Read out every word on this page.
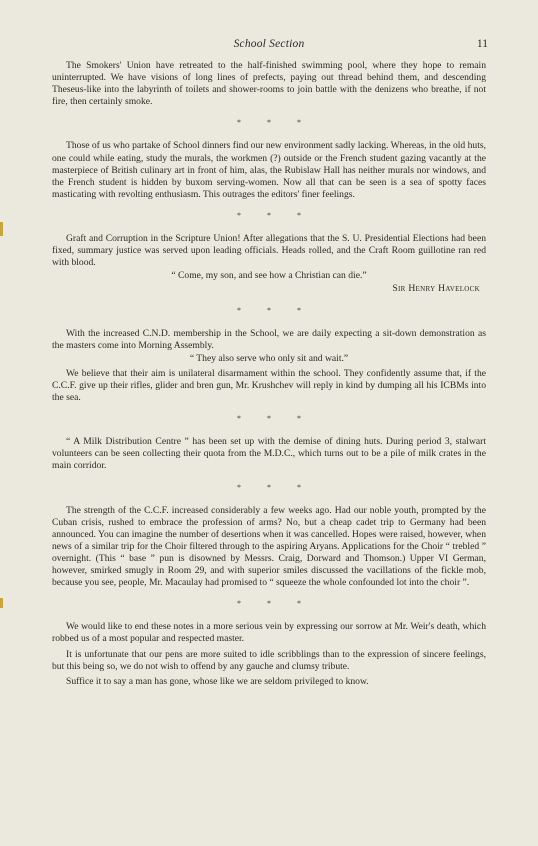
School Section	11

The Smokers' Union have retreated to the half-finished swimming pool, where they hope to remain uninterrupted. We have visions of long lines of prefects, paying out thread behind them, and descending Theseus-like into the labyrinth of toilets and shower-rooms to join battle with the denizens who breathe, if not fire, then certainly smoke.

* * *

Those of us who partake of School dinners find our new environment sadly lacking. Whereas, in the old huts, one could while eating, study the murals, the workmen (?) outside or the French student gazing vacantly at the masterpiece of British culinary art in front of him, alas, the Rubislaw Hall has neither murals nor windows, and the French student is hidden by buxom serving-women. Now all that can be seen is a sea of spotty faces masticating with revolting enthusiasm. This outrages the editors' finer feelings.

* * *

Graft and Corruption in the Scripture Union! After allegations that the S. U. Presidential Elections had been fixed, summary justice was served upon leading officials. Heads rolled, and the Craft Room guillotine ran red with blood.

“ Come, my son, and see how a Christian can die.”
Sir Henry Havelock
* * *

With the increased C.N.D. membership in the School, we are daily expecting a sit-down demonstration as the masters come into Morning Assembly.

“ They also serve who only sit and wait.”

We believe that their aim is unilateral disarmament within the school. They confidently assume that, if the C.C.F. give up their rifles, glider and bren gun, Mr. Krushchev will reply in kind by dumping all his ICBMs into the sea.

* * *

“ A Milk Distribution Centre ” has been set up with the demise of dining huts. During period 3, stalwart volunteers can be seen collecting their quota from the M.D.C., which turns out to be a pile of milk crates in the main corridor.

* * *

The strength of the C.C.F. increased considerably a few weeks ago. Had our noble youth, prompted by the Cuban crisis, rushed to embrace the profession of arms? No, but a cheap cadet trip to Germany had been announced. You can imagine the number of desertions when it was cancelled. Hopes were raised, however, when news of a similar trip for the Choir filtered through to the aspiring Aryans. Applications for the Choir “ trebled ” overnight. (This “ base ” pun is disowned by Messrs. Craig, Dorward and Thomson.) Upper VI German, however, smirked smugly in Room 29, and with superior smiles discussed the vacillations of the fickle mob, because you see, people, Mr. Macaulay had promised to “ squeeze the whole confounded lot into the choir ”.

* * *

We would like to end these notes in a more serious vein by expressing our sorrow at Mr. Weir's death, which robbed us of a most popular and respected master.

It is unfortunate that our pens are more suited to idle scribblings than to the expression of sincere feelings, but this being so, we do not wish to offend by any gauche and clumsy tribute.

Suffice it to say a man has gone, whose like we are seldom privileged to know.
